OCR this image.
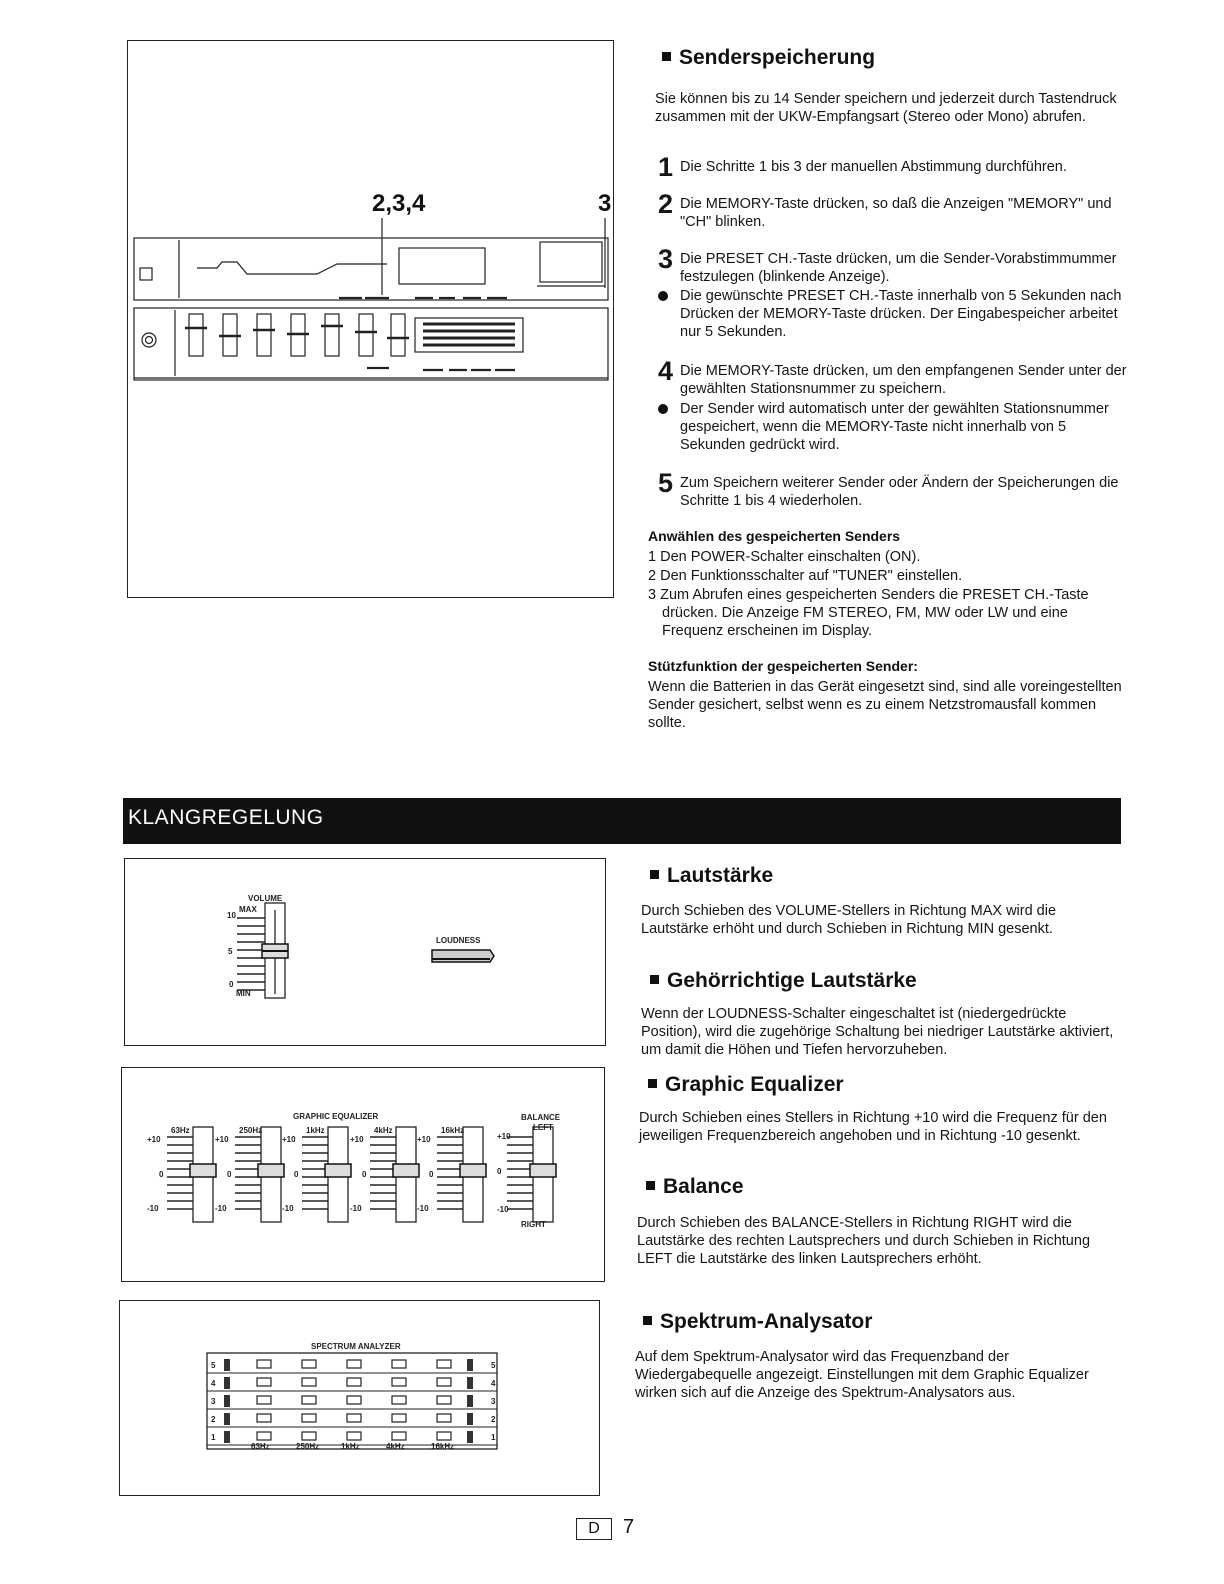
2,3,4	3
Senderspeicherung
Sie können bis zu 14 Sender speichern und jederzeit durch Tastendruck zusammen mit der UKW-Empfangsart (Stereo oder Mono) abrufen.
1 Die Schritte 1 bis 3 der manuellen Abstimmung durchführen.
2 Die MEMORY-Taste drücken, so daß die Anzeigen "MEMORY" und "CH" blinken.
3 Die PRESET CH.-Taste drücken, um die Sender-Vorabstimmummer festzulegen (blinkende Anzeige).
Die gewünschte PRESET CH.-Taste innerhalb von 5 Sekunden nach Drücken der MEMORY-Taste drücken. Der Eingabespeicher arbeitet nur 5 Sekunden.
4 Die MEMORY-Taste drücken, um den empfangenen Sender unter der gewählten Stationsnummer zu speichern.
Der Sender wird automatisch unter der gewählten Stationsnummer gespeichert, wenn die MEMORY-Taste nicht innerhalb von 5 Sekunden gedrückt wird.
5 Zum Speichern weiterer Sender oder Ändern der Speicherungen die Schritte 1 bis 4 wiederholen.
Anwählen des gespeicherten Senders
1 Den POWER-Schalter einschalten (ON).
2 Den Funktionsschalter auf "TUNER" einstellen.
3 Zum Abrufen eines gespeicherten Senders die PRESET CH.-Taste drücken. Die Anzeige FM STEREO, FM, MW oder LW und eine Frequenz erscheinen im Display.
Stützfunktion der gespeicherten Sender:
Wenn die Batterien in das Gerät eingesetzt sind, sind alle voreingestellten Sender gesichert, selbst wenn es zu einem Netzstromausfall kommen sollte.
KLANGREGELUNG
VOLUME
MAX
10
5
0
MIN
LOUDNESS
GRAPHIC EQUALIZER	BALANCE
LEFT
RIGHT
-10
0
+10
63Hz
+10
0
-10
250Hz
+10
0
-10
1kHz
+10
0
-10
4kHz
+10
0
-10
16kHz
+10
0
-10
SPECTRUM ANALYZER
5	5
4	4
3	3
2	2
1	1
63Hz	250Hz	1kHz	4kHz	16kHz
Lautstärke
Durch Schieben des VOLUME-Stellers in Richtung MAX wird die Lautstärke erhöht und durch Schieben in Richtung MIN gesenkt.
Gehörrichtige Lautstärke
Wenn der LOUDNESS-Schalter eingeschaltet ist (niedergedrückte Position), wird die zugehörige Schaltung bei niedriger Lautstärke aktiviert, um damit die Höhen und Tiefen hervorzuheben.
Graphic Equalizer
Durch Schieben eines Stellers in Richtung +10 wird die Frequenz für den jeweiligen Frequenzbereich angehoben und in Richtung -10 gesenkt.
Balance
Durch Schieben des BALANCE-Stellers in Richtung RIGHT wird die Lautstärke des rechten Lautsprechers und durch Schieben in Richtung LEFT die Lautstärke des linken Lautsprechers erhöht.
Spektrum-Analysator
Auf dem Spektrum-Analysator wird das Frequenzband der Wiedergabequelle angezeigt. Einstellungen mit dem Graphic Equalizer wirken sich auf die Anzeige des Spektrum-Analysators aus.
D	7
